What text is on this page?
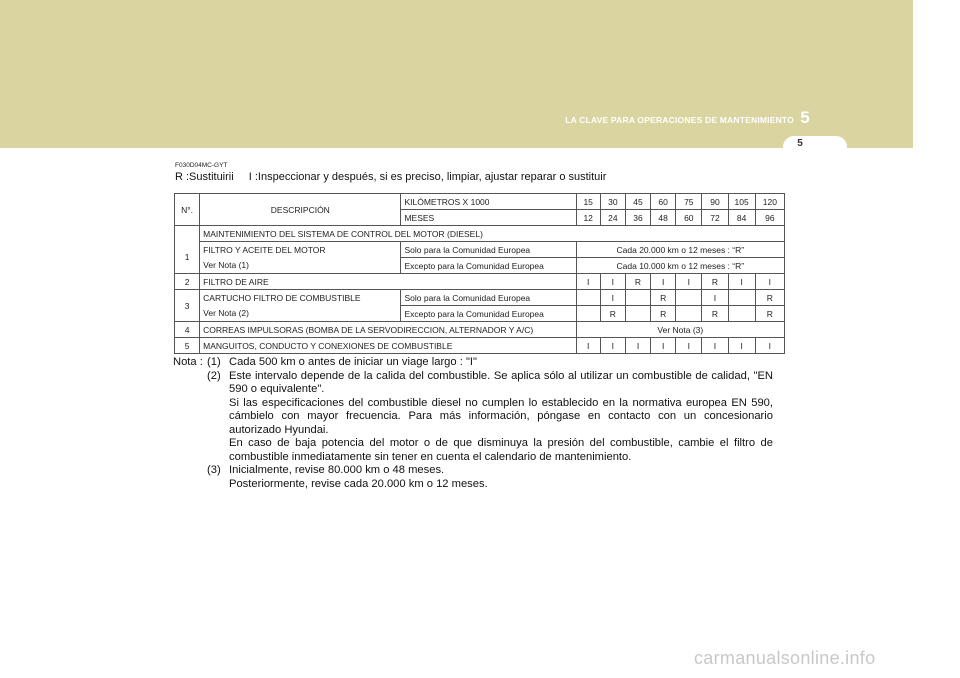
LA CLAVE PARA OPERACIONES DE MANTENIMIENTO 5
5
F030D04MC-GYT
R :Sustituirii I :Inspeccionar y después, si es preciso, limpiar, ajustar reparar o sustituir
N°.	DESCRIPCIÓN	KILÓMETROS X 1000	15	30	45	60	75	90	105	120
		MESES	12	24	36	48	60	72	84	96
	MAINTENIMIENTO DEL SISTEMA DE CONTROL DEL MOTOR (DIESEL)									
1	FILTRO Y ACEITE DEL MOTOR	Solo para la Comunidad Europea	Cada 20.000 km o 12 meses : “R”							
	Ver Nota (1)	Excepto para la Comunidad Europea	Cada 10.000 km o 12 meses : “R”							
2	FILTRO DE AIRE		I	I	R	I	I	R	I	I
3	CARTUCHO FILTRO DE COMBUSTIBLE	Solo para la Comunidad Europea		I		R		I		R
	Ver Nota (2)	Excepto para la Comunidad Europea		R		R		R		R
4	CORREAS IMPULSORAS (BOMBA DE LA SERVODIRECCION, ALTERNADOR Y A/C)		Ver Nota (3)							
5	MANGUITOS, CONDUCTO Y CONEXIONES DE COMBUSTIBLE		I	I	I	I	I	I	I	I
Nota : (1) Cada 500 km o antes de iniciar un viage largo : "I"
(2) Este intervalo depende de la calida del combustible. Se aplica sólo al utilizar un combustible de calidad, "EN 590 o equivalente".
Si las especificaciones del combustible diesel no cumplen lo establecido en la normativa europea EN 590, cámbielo con mayor frecuencia. Para más información, póngase en contacto con un concesionario autorizado Hyundai.
En caso de baja potencia del motor o de que disminuya la presión del combustible, cambie el filtro de combustible inmediatamente sin tener en cuenta el calendario de mantenimiento.
(3) Inicialmente, revise 80.000 km o 48 meses.
Posteriormente, revise cada 20.000 km o 12 meses.
carmanualsonline.info
